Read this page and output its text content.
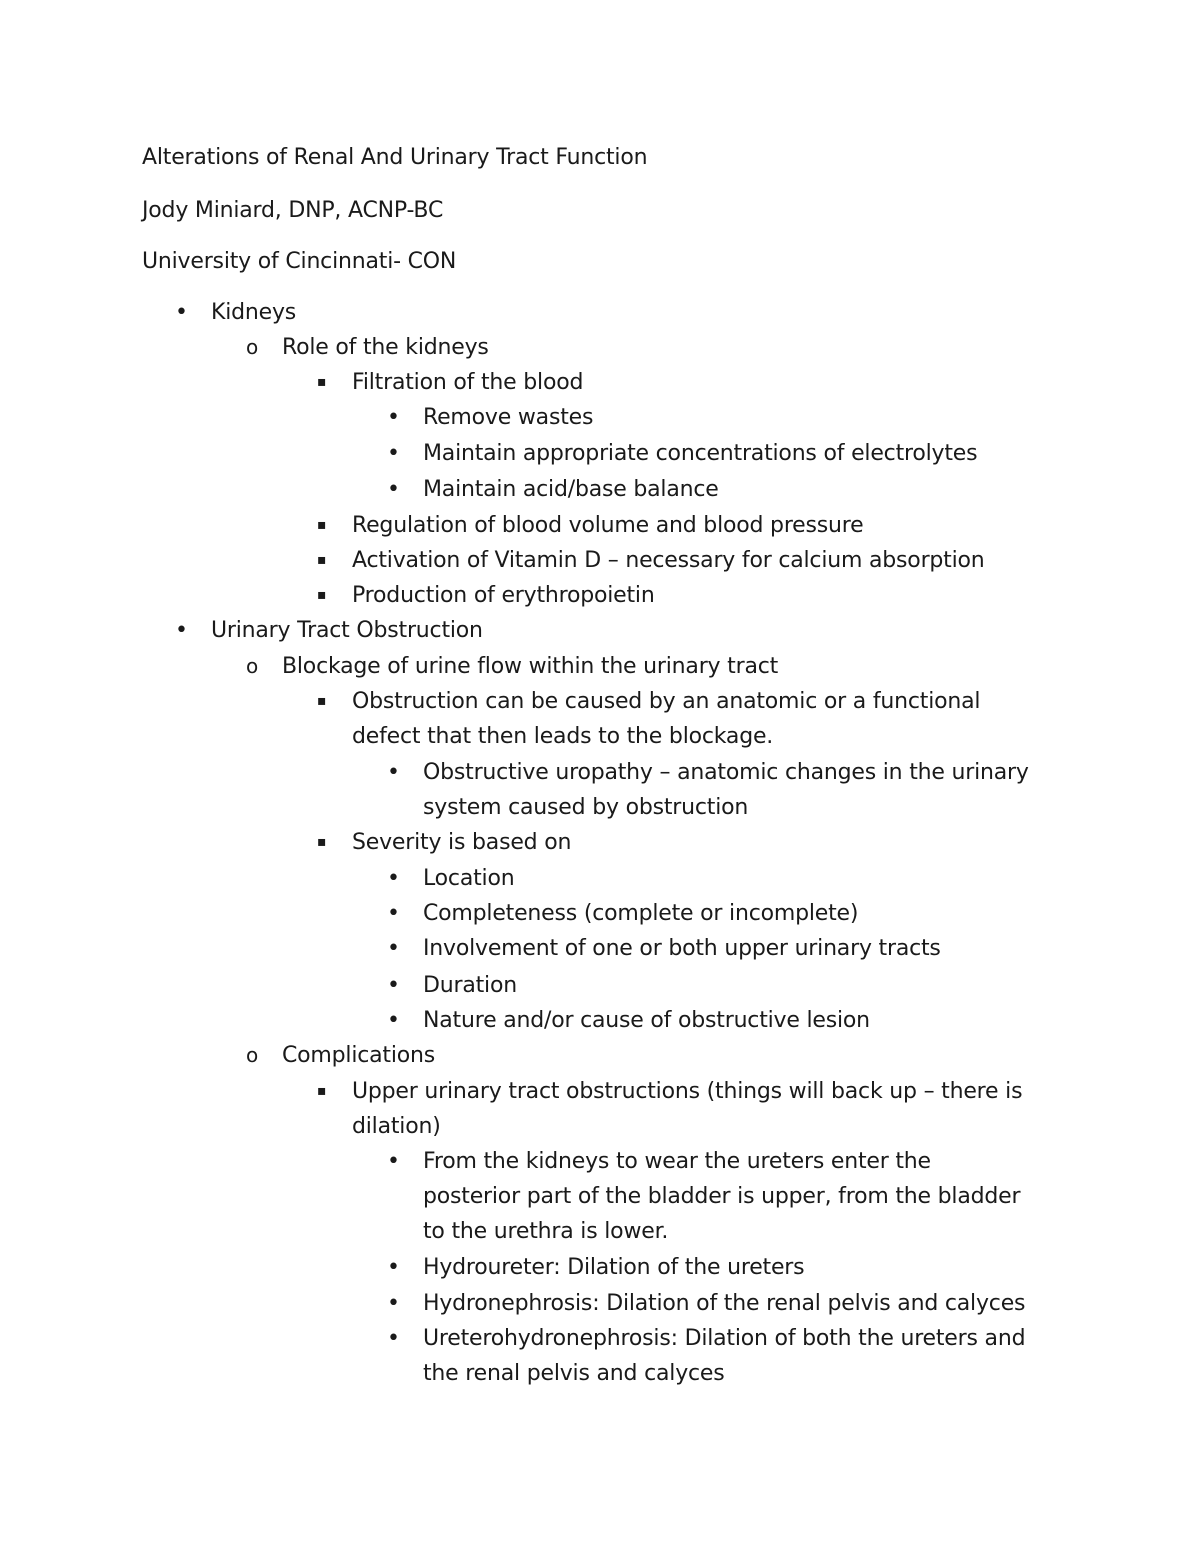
Alterations of Renal And Urinary Tract Function
Jody Miniard, DNP, ACNP-BC
University of Cincinnati- CON
• Kidneys
o Role of the kidneys
▪ Filtration of the blood
• Remove wastes
• Maintain appropriate concentrations of electrolytes
• Maintain acid/base balance
▪ Regulation of blood volume and blood pressure
▪ Activation of Vitamin D – necessary for calcium absorption
▪ Production of erythropoietin
• Urinary Tract Obstruction
o Blockage of urine flow within the urinary tract
▪ Obstruction can be caused by an anatomic or a functional
defect that then leads to the blockage.
• Obstructive uropathy – anatomic changes in the urinary
system caused by obstruction
▪ Severity is based on
• Location
• Completeness (complete or incomplete)
• Involvement of one or both upper urinary tracts
• Duration
• Nature and/or cause of obstructive lesion
o Complications
▪ Upper urinary tract obstructions (things will back up – there is
dilation)
• From the kidneys to wear the ureters enter the
posterior part of the bladder is upper, from the bladder
to the urethra is lower.
• Hydroureter: Dilation of the ureters
• Hydronephrosis: Dilation of the renal pelvis and calyces
• Ureterohydronephrosis: Dilation of both the ureters and
the renal pelvis and calyces
